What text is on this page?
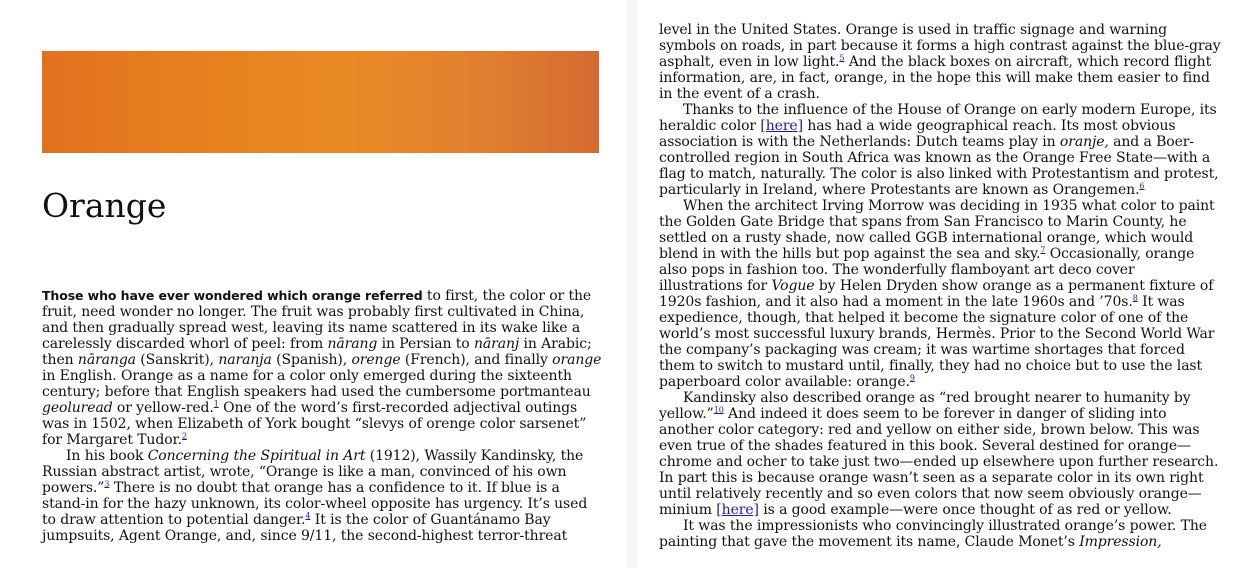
Orange

Those who have ever wondered which orange referred to first, the color or the fruit, need wonder no longer. The fruit was probably first cultivated in China, and then gradually spread west, leaving its name scattered in its wake like a carelessly discarded whorl of peel: from nārang in Persian to nāranj in Arabic; then nāranga (Sanskrit), naranja (Spanish), orenge (French), and finally orange in English. Orange as a name for a color only emerged during the sixteenth century; before that English speakers had used the cumbersome portmanteau geoluread or yellow-red.$^1$ One of the word’s first-recorded adjectival outings was in 1502, when Elizabeth of York bought “slevys of orenge color sarsenet” for Margaret Tudor.$^2$

In his book Concerning the Spiritual in Art (1912), Wassily Kandinsky, the Russian abstract artist, wrote, “Orange is like a man, convinced of his own powers.”$^3$ There is no doubt that orange has a confidence to it. If blue is a stand-in for the hazy unknown, its color-wheel opposite has urgency. It’s used to draw attention to potential danger.$^4$ It is the color of Guantánamo Bay jumpsuits, Agent Orange, and, since 9/11, the second-highest terror-threat

level in the United States. Orange is used in traffic signage and warning symbols on roads, in part because it forms a high contrast against the blue-gray asphalt, even in low light.$^5$ And the black boxes on aircraft, which record flight information, are, in fact, orange, in the hope this will make them easier to find in the event of a crash.

Thanks to the influence of the House of Orange on early modern Europe, its heraldic color [here] has had a wide geographical reach. Its most obvious association is with the Netherlands: Dutch teams play in oranje, and a Boer-controlled region in South Africa was known as the Orange Free State—with a flag to match, naturally. The color is also linked with Protestantism and protest, particularly in Ireland, where Protestants are known as Orangemen.$^6$

When the architect Irving Morrow was deciding in 1935 what color to paint the Golden Gate Bridge that spans from San Francisco to Marin County, he settled on a rusty shade, now called GGB international orange, which would blend in with the hills but pop against the sea and sky.$^7$ Occasionally, orange also pops in fashion too. The wonderfully flamboyant art deco cover illustrations for Vogue by Helen Dryden show orange as a permanent fixture of 1920s fashion, and it also had a moment in the late 1960s and ’70s.$^8$ It was expedience, though, that helped it become the signature color of one of the world’s most successful luxury brands, Hermès. Prior to the Second World War the company’s packaging was cream; it was wartime shortages that forced them to switch to mustard until, finally, they had no choice but to use the last paperboard color available: orange.$^9$

Kandinsky also described orange as “red brought nearer to humanity by yellow.”$^{10}$ And indeed it does seem to be forever in danger of sliding into another color category: red and yellow on either side, brown below. This was even true of the shades featured in this book. Several destined for orange—chrome and ocher to take just two—ended up elsewhere upon further research. In part this is because orange wasn’t seen as a separate color in its own right until relatively recently and so even colors that now seem obviously orange—minium [here] is a good example—were once thought of as red or yellow.

It was the impressionists who convincingly illustrated orange’s power. The painting that gave the movement its name, Claude Monet’s Impression,
